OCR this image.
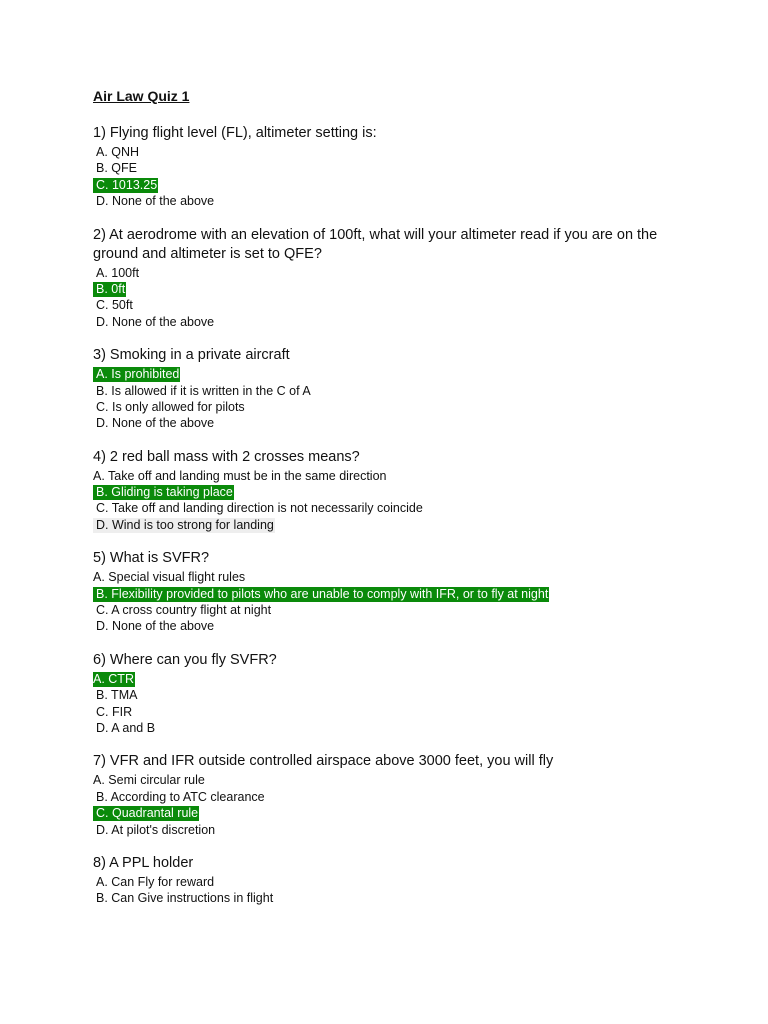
Air Law Quiz 1

1) Flying flight level (FL), altimeter setting is:

A. QNH
B. QFE
C. 1013.25
D. None of the above

2) At aerodrome with an elevation of 100ft, what will your altimeter read if you are on the ground and altimeter is set to QFE?

A. 100ft
B. 0ft
C. 50ft
D. None of the above

3) Smoking in a private aircraft

A. Is prohibited
B. Is allowed if it is written in the C of A
C. Is only allowed for pilots
D. None of the above

4) 2 red ball mass with 2 crosses means?

A. Take off and landing must be in the same direction
B. Gliding is taking place
C. Take off and landing direction is not necessarily coincide
D. Wind is too strong for landing

5) What is SVFR?

A. Special visual flight rules
B. Flexibility provided to pilots who are unable to comply with IFR, or to fly at night
C. A cross country flight at night
D. None of the above

6) Where can you fly SVFR?

A. CTR
B. TMA
C. FIR
D. A and B

7) VFR and IFR outside controlled airspace above 3000 feet, you will fly

A. Semi circular rule
B. According to ATC clearance
C. Quadrantal rule
D. At pilot's discretion

8) A PPL holder

A. Can Fly for reward
B. Can Give instructions in flight
